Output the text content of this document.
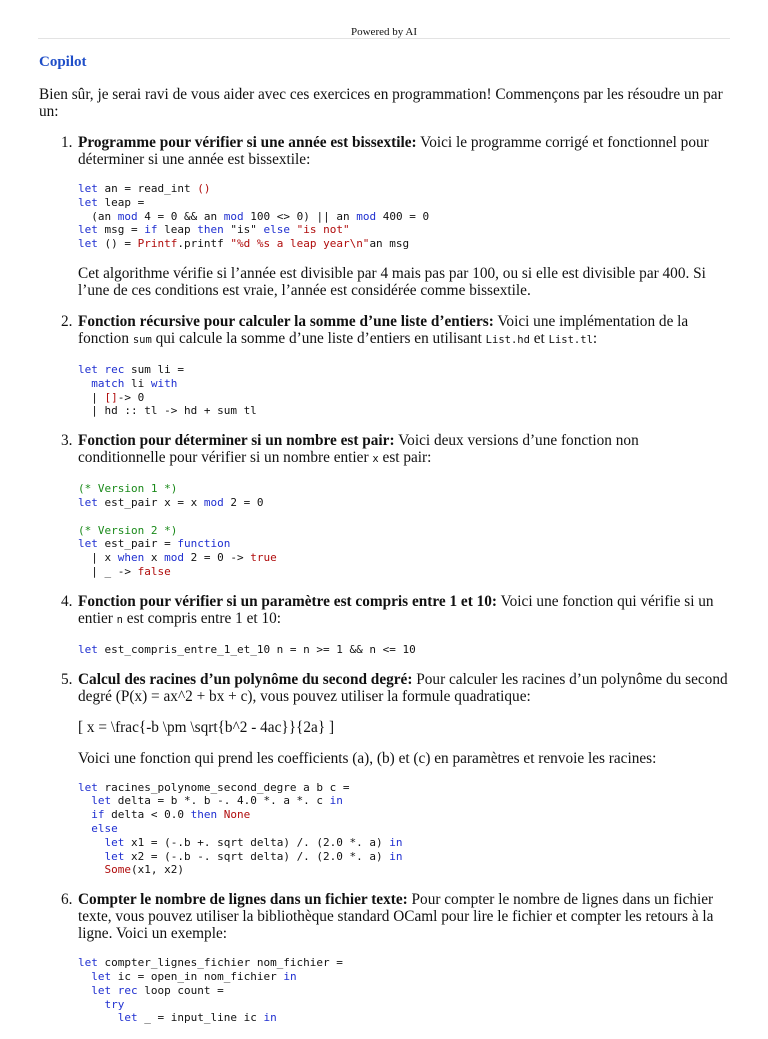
Powered by AI
Copilot

Bien sûr, je serai ravi de vous aider avec ces exercices en programmation! Commençons par les résoudre un par un:

1. Programme pour vérifier si une année est bissextile: Voici le programme corrigé et fonctionnel pour déterminer si une année est bissextile:
let an = read_int ()
let leap =
(an mod 4 = 0 && an mod 100 <> 0) || an mod 400 = 0
let msg = if leap then "is" else "is not"
let () = Printf.printf "%d %s a leap year\n"an msg
Cet algorithme vérifie si l’année est divisible par 4 mais pas par 100, ou si elle est divisible par 400. Si l’une de ces conditions est vraie, l’année est considérée comme bissextile.
2. Fonction récursive pour calculer la somme d’une liste d’entiers: Voici une implémentation de la fonction sum qui calcule la somme d’une liste d’entiers en utilisant List.hd et List.tl:
let rec sum li =
match li with
| []-> 0
| hd :: tl -> hd + sum tl
3. Fonction pour déterminer si un nombre est pair: Voici deux versions d’une fonction non conditionnelle pour vérifier si un nombre entier x est pair:
(* Version 1 *)
let est_pair x = x mod 2 = 0

(* Version 2 *)
let est_pair = function
| x when x mod 2 = 0 -> true
| _ -> false
4. Fonction pour vérifier si un paramètre est compris entre 1 et 10: Voici une fonction qui vérifie si un entier n est compris entre 1 et 10:
let est_compris_entre_1_et_10 n = n >= 1 && n <= 10
5. Calcul des racines d’un polynôme du second degré: Pour calculer les racines d’un polynôme du second degré (P(x) = ax^2 + bx + c), vous pouvez utiliser la formule quadratique:
[ x = \frac{-b \pm \sqrt{b^2 - 4ac}}{2a} ]
Voici une fonction qui prend les coefficients (a), (b) et (c) en paramètres et renvoie les racines:
let racines_polynome_second_degre a b c =
let delta = b *. b -. 4.0 *. a *. c in
if delta < 0.0 then None
else
let x1 = (-.b +. sqrt delta) /. (2.0 *. a) in
let x2 = (-.b -. sqrt delta) /. (2.0 *. a) in
Some(x1, x2)
6. Compter le nombre de lignes dans un fichier texte: Pour compter le nombre de lignes dans un fichier texte, vous pouvez utiliser la bibliothèque standard OCaml pour lire le fichier et compter les retours à la ligne. Voici un exemple:
let compter_lignes_fichier nom_fichier =
let ic = open_in nom_fichier in
let rec loop count =
try
let _ = input_line ic in
